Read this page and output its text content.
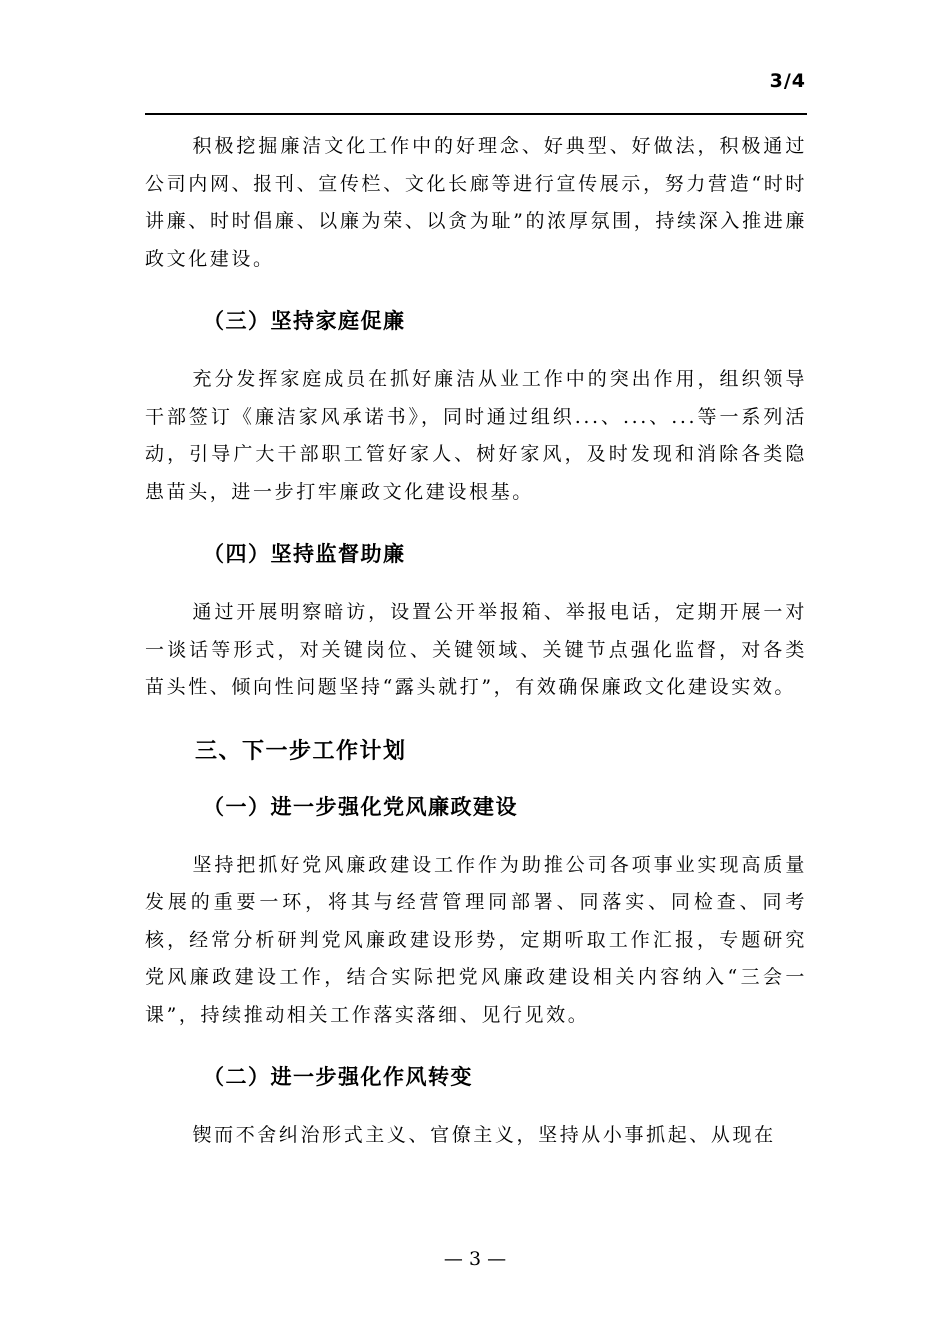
3/4

积极挖掘廉洁文化工作中的好理念、好典型、好做法，积极通过公司内网、报刊、宣传栏、文化长廊等进行宣传展示，努力营造“时时讲廉、时时倡廉、以廉为荣、以贪为耻”的浓厚氛围，持续深入推进廉政文化建设。

（三）坚持家庭促廉

充分发挥家庭成员在抓好廉洁从业工作中的突出作用，组织领导干部签订《廉洁家风承诺书》，同时通过组织...、...、...等一系列活动，引导广大干部职工管好家人、树好家风，及时发现和消除各类隐患苗头，进一步打牢廉政文化建设根基。

（四）坚持监督助廉

通过开展明察暗访，设置公开举报箱、举报电话，定期开展一对一谈话等形式，对关键岗位、关键领域、关键节点强化监督，对各类苗头性、倾向性问题坚持“露头就打”，有效确保廉政文化建设实效。

三、下一步工作计划
（一）进一步强化党风廉政建设

坚持把抓好党风廉政建设工作作为助推公司各项事业实现高质量发展的重要一环，将其与经营管理同部署、同落实、同检查、同考核，经常分析研判党风廉政建设形势，定期听取工作汇报，专题研究党风廉政建设工作，结合实际把党风廉政建设相关内容纳入“三会一课”，持续推动相关工作落实落细、见行见效。

（二）进一步强化作风转变

锲而不舍纠治形式主义、官僚主义，坚持从小事抓起、从现在

— 3 —
